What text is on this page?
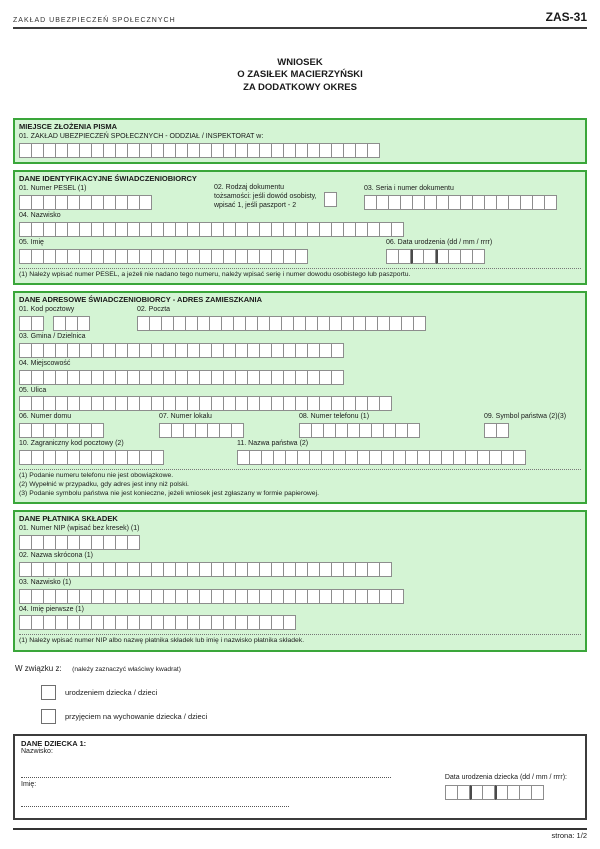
ZAKŁAD UBEZPIECZEŃ SPOŁECZNYCH	ZAS-31
WNIOSEK
O ZASIŁEK MACIERZYŃSKI
ZA DODATKOWY OKRES
MIEJSCE ZŁOŻENIA PISMA
01. ZAKŁAD UBEZPIECZEŃ SPOŁECZNYCH - ODDZIAŁ / INSPEKTORAT w:
DANE IDENTYFIKACYJNE ŚWIADCZENIOBIORCY
01. Numer PESEL (1)	02. Rodzaj dokumentu tożsamości: jeśli dowód osobisty, wpisać 1, jeśli paszport - 2
03. Seria i numer dokumentu
04. Nazwisko
05. Imię	06. Data urodzenia (dd / mm / rrrr)
(1) Należy wpisać numer PESEL, a jeżeli nie nadano tego numeru, należy wpisać serię i numer dowodu osobistego lub paszportu.
DANE ADRESOWE ŚWIADCZENIOBIORCY - ADRES ZAMIESZKANIA
01. Kod pocztowy	02. Poczta
03. Gmina / Dzielnica
04. Miejscowość
05. Ulica
06. Numer domu	07. Numer lokalu	08. Numer telefonu (1)	09. Symbol państwa (2)(3)
10. Zagraniczny kod pocztowy (2)	11. Nazwa państwa (2)
(1) Podanie numeru telefonu nie jest obowiązkowe.
(2) Wypełnić w przypadku, gdy adres jest inny niż polski.
(3) Podanie symbolu państwa nie jest konieczne, jeżeli wniosek jest zgłaszany w formie papierowej.
DANE PŁATNIKA SKŁADEK
01. Numer NIP (wpisać bez kresek) (1)
02. Nazwa skrócona (1)
03. Nazwisko (1)
04. Imię pierwsze (1)
(1) Należy wpisać numer NIP albo nazwę płatnika składek lub imię i nazwisko płatnika składek.
W związku z: (należy zaznaczyć właściwy kwadrat)
urodzeniem dziecka / dzieci
przyjęciem na wychowanie dziecka / dzieci
DANE DZIECKA 1:
Nazwisko:
Imię:
Data urodzenia dziecka (dd / mm / rrrr):
strona: 1/2
